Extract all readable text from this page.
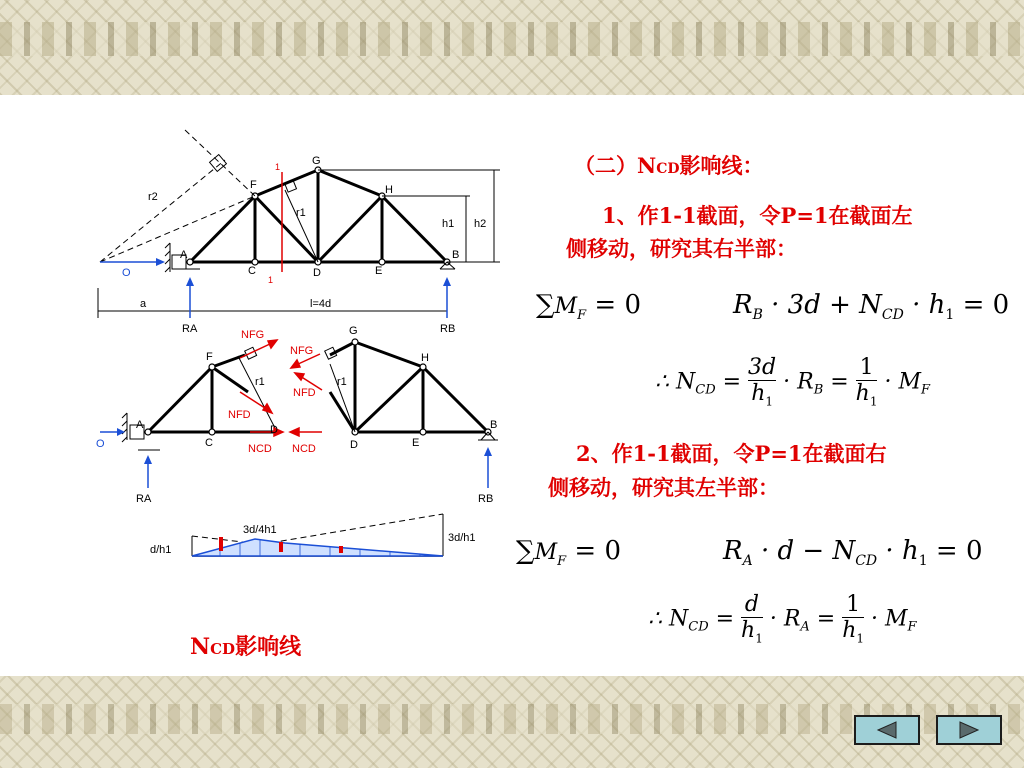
1
1
A	B
C	D	E
F
G
H
O
r1
r2
h1 h2
a	l=4d
RA	RB
A
C
F
D
r1
O
RA
NFG
NFD
NCD
G
H
D	E
B
r1
RB
NFG
NFD
NCD
d/h1
3d/4h1
3d/h1
（二）NCD影响线：
1、作1-1截面，令P=1在截面左
侧移动，研究其右半部：
$\sum M_F = 0$	$R_B \cdot 3d + N_{CD} \cdot h_1 = 0$
∴ $N_{CD} = \frac{3d}{h_1} \cdot R_B = \frac{1}{h_1} \cdot M_F$
2、作1-1截面，令P=1在截面右
侧移动，研究其左半部：
$\sum M_F = 0$	$R_A \cdot d - N_{CD} \cdot h_1 = 0$
∴ $N_{CD} = \frac{d}{h_1} \cdot R_A = \frac{1}{h_1} \cdot M_F$
NCD影响线
